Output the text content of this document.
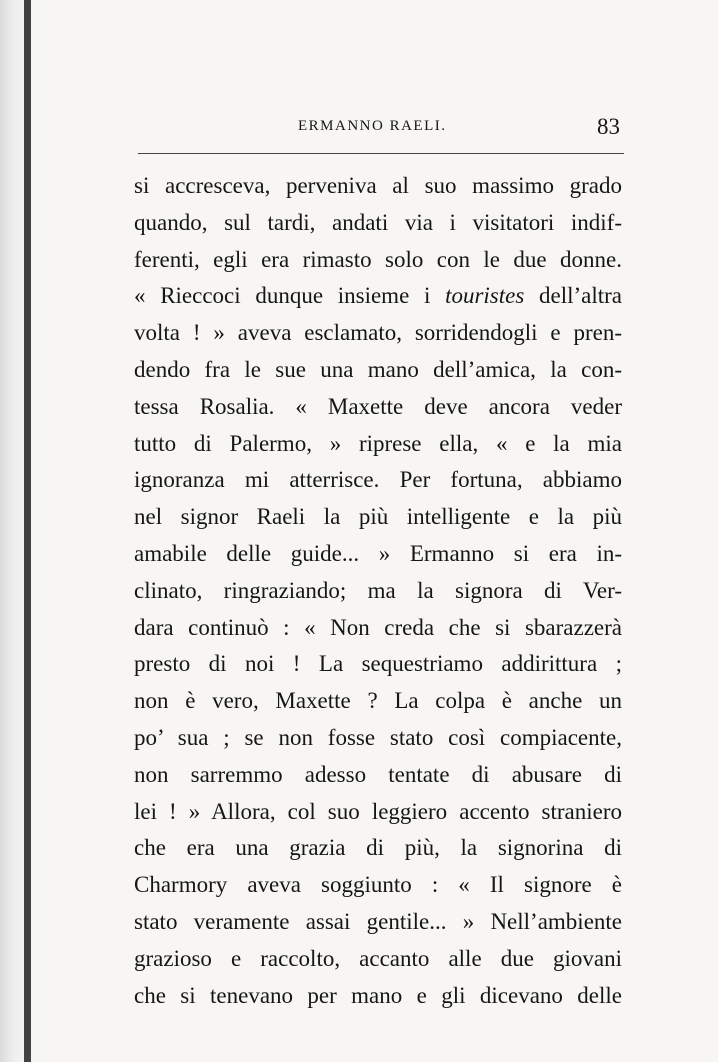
ERMANNO RAELI.	83
si accresceva, perveniva al suo massimo grado
quando, sul tardi, andati via i visitatori indif-
ferenti, egli era rimasto solo con le due donne.
« Rieccoci dunque insieme i touristes dell’altra
volta ! » aveva esclamato, sorridendogli e pren-
dendo fra le sue una mano dell’amica, la con-
tessa Rosalia. « Maxette deve ancora veder
tutto di Palermo, » riprese ella, « e la mia
ignoranza mi atterrisce. Per fortuna, abbiamo
nel signor Raeli la più intelligente e la più
amabile delle guide... » Ermanno si era in-
clinato, ringraziando; ma la signora di Ver-
dara continuò : « Non creda che si sbarazzerà
presto di noi ! La sequestriamo addirittura ;
non è vero, Maxette ? La colpa è anche un
po’ sua ; se non fosse stato così compiacente,
non sarremmo adesso tentate di abusare di
lei ! » Allora, col suo leggiero accento straniero
che era una grazia di più, la signorina di
Charmory aveva soggiunto : « Il signore è
stato veramente assai gentile... » Nell’ambiente
grazioso e raccolto, accanto alle due giovani
che si tenevano per mano e gli dicevano delle
